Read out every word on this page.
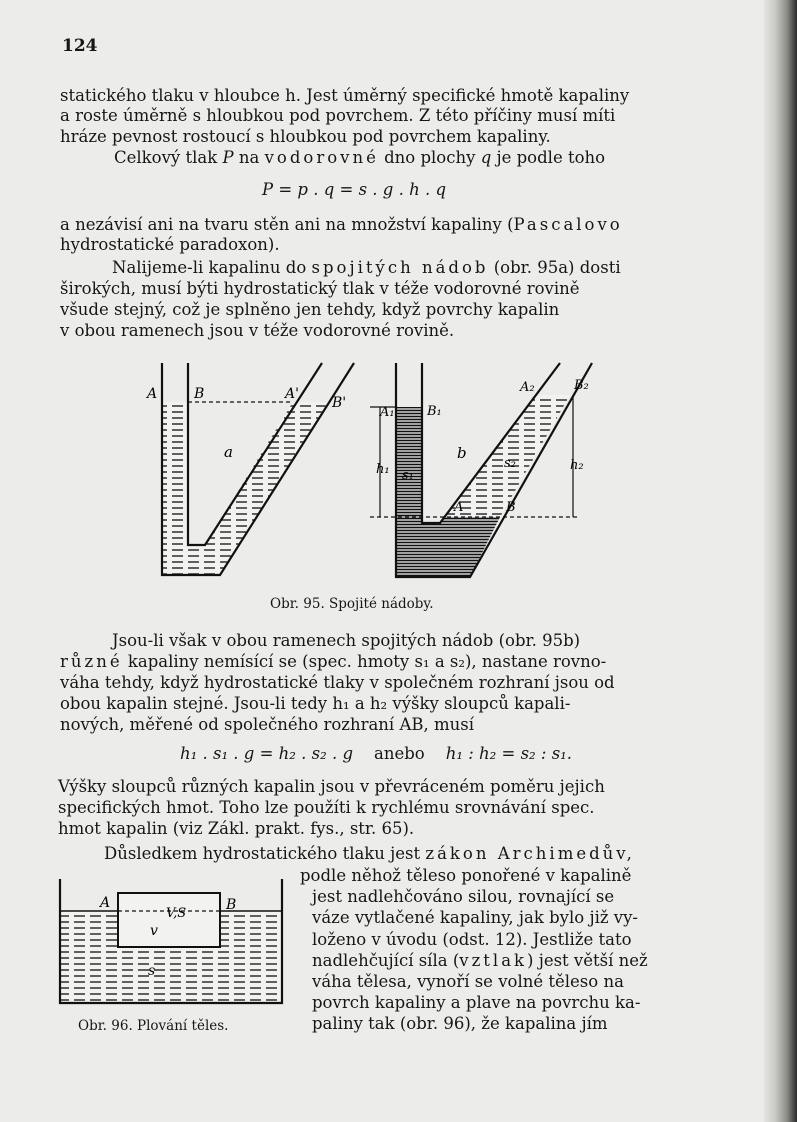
124
statického tlaku v hloubce h. Jest úměrný specifické hmotě kapaliny
a roste úměrně s hloubkou pod povrchem. Z této příčiny musí míti
hráze pevnost rostoucí s hloubkou pod povrchem kapaliny.
Celkový tlak P na vodorovné dno plochy q je podle toho
P = p . q = s . g . h . q
a nezávisí ani na tvaru stěn ani na množství kapaliny (Pascalovo
hydrostatické paradoxon).
Nalijeme-li kapalinu do spojitých nádob (obr. 95a) dosti
širokých, musí býti hydrostatický tlak v téže vodorovné rovině
všude stejný, což je splněno jen tehdy, když povrchy kapalin
v obou ramenech jsou v téže vodorovné rovině.
A	B	A'
B'
a
A₁ B₁
A₂	B₂
b
h₁	h₂
s₁
s₂
A	B
Obr. 95. Spojité nádoby.
Jsou-li však v obou ramenech spojitých nádob (obr. 95b)
různé kapaliny nemísící se (spec. hmoty s₁ a s₂), nastane rovno-
váha tehdy, když hydrostatické tlaky v společném rozhraní jsou od
obou kapalin stejné. Jsou-li tedy h₁ a h₂ výšky sloupců kapali-
nových, měřené od společného rozhraní AB, musí
h₁ . s₁ . g = h₂ . s₂ . g anebo h₁ : h₂ = s₂ : s₁.
Výšky sloupců různých kapalin jsou v převráceném poměru jejich
specifických hmot. Toho lze použíti k rychlému srovnávání spec.
hmot kapalin (viz Zákl. prakt. fys., str. 65).
Důsledkem hydrostatického tlaku jest zákon Archimedův,
podle něhož těleso ponořené v kapalině
jest nadlehčováno silou, rovnající se
váze vytlačené kapaliny, jak bylo již vy-
loženo v úvodu (odst. 12). Jestliže tato
nadlehčující síla (vztlak) jest větší než
váha tělesa, vynoří se volné těleso na
povrch kapaliny a plave na povrchu ka-
paliny tak (obr. 96), že kapalina jím
A	B
V,S
v
s
Obr. 96. Plování těles.
